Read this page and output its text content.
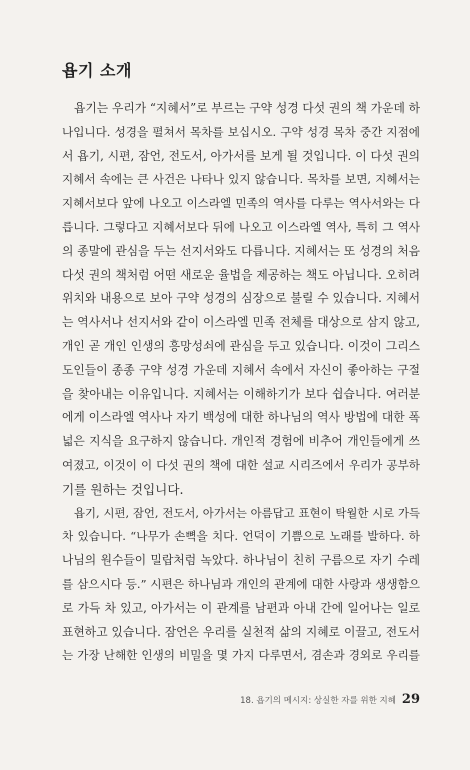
욥기 소개

욥기는 우리가 “지혜서”로 부르는 구약 성경 다섯 권의 책 가운데 하
나입니다. 성경을 펼쳐서 목차를 보십시오. 구약 성경 목차 중간 지점에
서 욥기, 시편, 잠언, 전도서, 아가서를 보게 될 것입니다. 이 다섯 권의
지혜서 속에는 큰 사건은 나타나 있지 않습니다. 목차를 보면, 지혜서는
지혜서보다 앞에 나오고 이스라엘 민족의 역사를 다루는 역사서와는 다
릅니다. 그렇다고 지혜서보다 뒤에 나오고 이스라엘 역사, 특히 그 역사
의 종말에 관심을 두는 선지서와도 다릅니다. 지혜서는 또 성경의 처음
다섯 권의 책처럼 어떤 새로운 율법을 제공하는 책도 아닙니다. 오히려
위치와 내용으로 보아 구약 성경의 심장으로 불릴 수 있습니다. 지혜서
는 역사서나 선지서와 같이 이스라엘 민족 전체를 대상으로 삼지 않고,
개인 곧 개인 인생의 흥망성쇠에 관심을 두고 있습니다. 이것이 그리스
도인들이 종종 구약 성경 가운데 지혜서 속에서 자신이 좋아하는 구절
을 찾아내는 이유입니다. 지혜서는 이해하기가 보다 쉽습니다. 여러분
에게 이스라엘 역사나 자기 백성에 대한 하나님의 역사 방법에 대한 폭
넓은 지식을 요구하지 않습니다. 개인적 경험에 비추어 개인들에게 쓰
여졌고, 이것이 이 다섯 권의 책에 대한 설교 시리즈에서 우리가 공부하
기를 원하는 것입니다.

욥기, 시편, 잠언, 전도서, 아가서는 아름답고 표현이 탁월한 시로 가득
차 있습니다. “나무가 손뼉을 치다. 언덕이 기쁨으로 노래를 발하다. 하
나님의 원수들이 밀랍처럼 녹았다. 하나님이 친히 구름으로 자기 수레
를 삼으시다 등.” 시편은 하나님과 개인의 관계에 대한 사랑과 생생함으
로 가득 차 있고, 아가서는 이 관계를 남편과 아내 간에 일어나는 일로
표현하고 있습니다. 잠언은 우리를 실천적 삶의 지혜로 이끌고, 전도서
는 가장 난해한 인생의 비밀을 몇 가지 다루면서, 겸손과 경외로 우리를

18. 욥기의 메시지: 상실한 자를 위한 지혜 29
